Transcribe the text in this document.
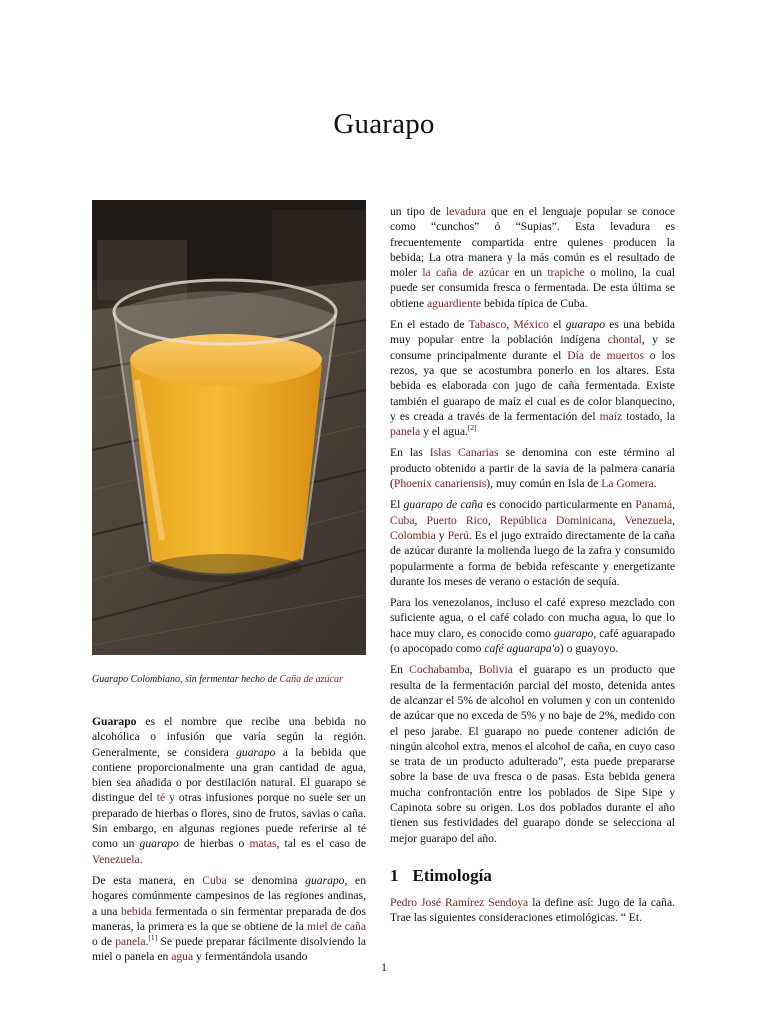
Guarapo
Guarapo Colombiano, sin fermentar hecho de Caña de azúcar

Guarapo es el nombre que recibe una bebida no alcohólica o infusión que varía según la región. Generalmente, se considera guarapo a la bebida que contiene proporcionalmente una gran cantidad de agua, bien sea añadida o por destilación natural. El guarapo se distingue del té y otras infusiones porque no suele ser un preparado de hierbas o flores, sino de frutos, savias o caña. Sin embargo, en algunas regiones puede referirse al té como un guarapo de hierbas o matas, tal es el caso de Venezuela.

De esta manera, en Cuba se denomina guarapo, en hogares comúnmente campesinos de las regiones andinas, a una bebida fermentada o sin fermentar preparada de dos maneras, la primera es la que se obtiene de la miel de caña o de panela.[1] Se puede preparar fácilmente disolviendo la miel o panela en agua y fermentándola usando

un tipo de levadura que en el lenguaje popular se conoce como “cunchos” ó “Supias”. Esta levadura es frecuentemente compartida entre quienes producen la bebida; La otra manera y la más común es el resultado de moler la caña de azúcar en un trapiche o molino, la cual puede ser consumida fresca o fermentada. De esta última se obtiene aguardiente bebida típica de Cuba.

En el estado de Tabasco, México el guarapo es una bebida muy popular entre la población indígena chontal, y se consume principalmente durante el Día de muertos o los rezos, ya que se acostumbra ponerlo en los altares. Esta bebida es elaborada con jugo de caña fermentada. Existe también el guarapo de maíz el cual es de color blanquecino, y es creada a través de la fermentación del maíz tostado, la panela y el agua.[2]

En las Islas Canarias se denomina con este término al producto obtenido a partir de la savia de la palmera canaria (Phoenix canariensis), muy común en Isla de La Gomera.

El guarapo de caña es conocido particularmente en Panamá, Cuba, Puerto Rico, República Dominicana, Venezuela, Colombia y Perú. Es el jugo extraído directamente de la caña de azúcar durante la molienda luego de la zafra y consumido popularmente a forma de bebida refescante y energetizante durante los meses de verano o estación de sequía.

Para los venezolanos, incluso el café expreso mezclado con suficiente agua, o el café colado con mucha agua, lo que lo hace muy claro, es conocido como guarapo, café aguarapado (o apocopado como café aguarapa'o) o guayoyo.

En Cochabamba, Bolivia el guarapo es un producto que resulta de la fermentación parcial del mosto, detenida antes de alcanzar el 5% de alcohol en volumen y con un contenido de azúcar que no exceda de 5% y no baje de 2%, medido con el peso jarabe. El guarapo no puede contener adición de ningún alcohol extra, menos el alcohol de caña, en cuyo caso se trata de un producto adulterado”, esta puede prepararse sobre la base de uva fresca o de pasas. Esta bebida genera mucha confrontación entre los poblados de Sipe Sipe y Capinota sobre su origen. Los dos poblados durante el año tienen sus festividades del guarapo donde se selecciona al mejor guarapo del año.

1 Etimología

Pedro José Ramírez Sendoya la define así: Jugo de la caña. Trae las siguientes consideraciones etimológicas. “ Et.

1
